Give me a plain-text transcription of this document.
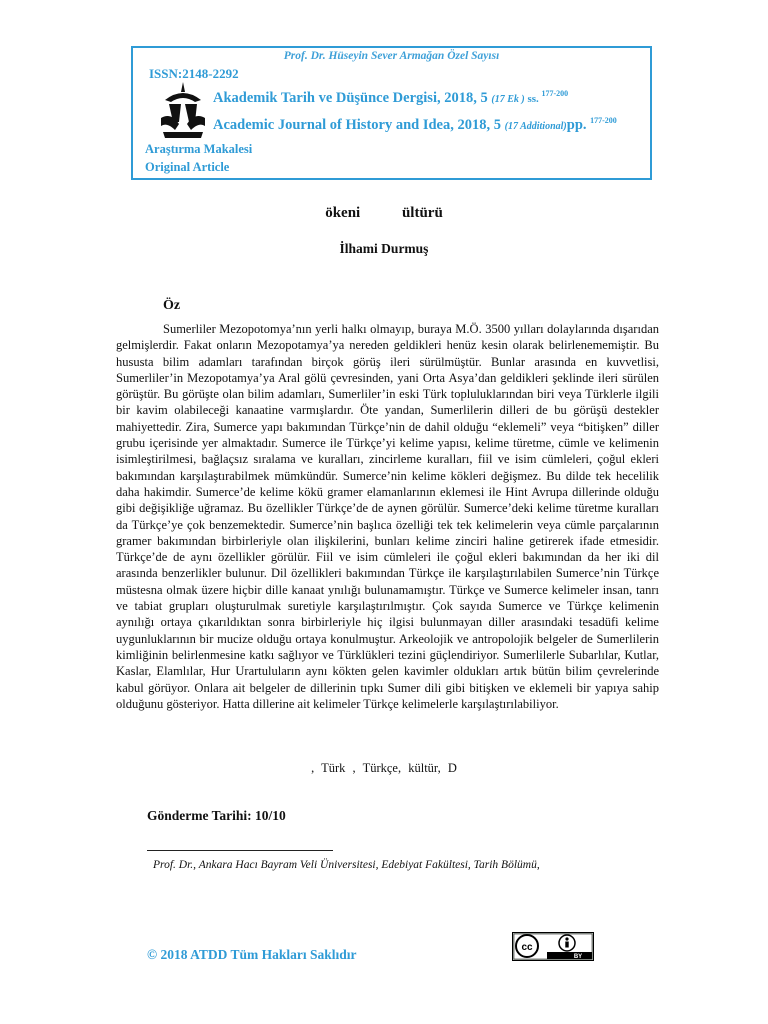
Prof. Dr. Hüseyin Sever Armağan Özel Sayısı
ISSN:2148-2292
Akademik Tarih ve Düşünce Dergisi, 2018, 5 (17 Ek ) ss. $^{177-200}$
Academic Journal of History and Idea, 2018, 5 (17 Additional)pp. $^{177-200}$
Araştırma Makalesi
Original Article
ökeni ültürü
İlhami Durmuş
Öz

Sumerliler Mezopotomya’nın yerli halkı olmayıp, buraya M.Ö. 3500 yılları dolaylarında dışarıdan gelmişlerdir. Fakat onların Mezopotamya’ya nereden geldikleri henüz kesin olarak belirlenememiştir. Bu hususta bilim adamları tarafından birçok görüş ileri sürülmüştür. Bunlar arasında en kuvvetlisi, Sumerliler’in Mezopotamya’ya Aral gölü çevresinden, yani Orta Asya’dan geldikleri şeklinde ileri sürülen görüştür. Bu görüşte olan bilim adamları, Sumerliler’in eski Türk topluluklarından biri veya Türklerle ilgili bir kavim olabileceği kanaatine varmışlardır. Öte yandan, Sumerlilerin dilleri de bu görüşü destekler mahiyettedir. Zira, Sumerce yapı bakımından Türkçe’nin de dahil olduğu “eklemeli” veya “bitişken” diller grubu içerisinde yer almaktadır. Sumerce ile Türkçe’yi kelime yapısı, kelime türetme, cümle ve kelimenin isimleştirilmesi, bağlaçsız sıralama ve kuralları, zincirleme kuralları, fiil ve isim cümleleri, çoğul ekleri bakımından karşılaştırabilmek mümkündür. Sumerce’nin kelime kökleri değişmez. Bu dilde tek hecelilik daha hakimdir. Sumerce’de kelime kökü gramer elamanlarının eklemesi ile Hint Avrupa dillerinde olduğu gibi değişikliğe uğramaz. Bu özellikler Türkçe’de de aynen görülür. Sumerce’deki kelime türetme kuralları da Türkçe’ye çok benzemektedir. Sumerce’nin başlıca özelliği tek tek kelimelerin veya cümle parçalarının gramer bakımından birbirleriyle olan ilişkilerini, bunları kelime zinciri haline getirerek ifade etmesidir. Türkçe’de de aynı özellikler görülür. Fiil ve isim cümleleri ile çoğul ekleri bakımından da her iki dil arasında benzerlikler bulunur. Dil özellikleri bakımından Türkçe ile karşılaştırılabilen Sumerce’nin Türkçe müstesna olmak üzere hiçbir dille kanaat ynılığı bulunamamıştır. Türkçe ve Sumerce kelimeler insan, tanrı ve tabiat grupları oluşturulmak suretiyle karşılaştırılmıştır. Çok sayıda Sumerce ve Türkçe kelimenin aynılığı ortaya çıkarıldıktan sonra birbirleriyle hiç ilgisi bulunmayan diller arasındaki tesadüfi kelime uygunluklarının bir mucize olduğu ortaya konulmuştur. Arkeolojik ve antropolojik belgeler de Sumerlilerin kimliğinin belirlenmesine katkı sağlıyor ve Türklükleri tezini güçlendiriyor. Sumerlilerle Subarlılar, Kutlar, Kaslar, Elamlılar, Hur Urartuluların aynı kökten gelen kavimler oldukları artık bütün bilim çevrelerinde kabul görüyor. Onlara ait belgeler de dillerinin tıpkı Sumer dili gibi bitişken ve eklemeli bir yapıya sahip olduğunu gösteriyor. Hatta dillerine ait kelimeler Türkçe kelimelerle karşılaştırılabiliyor.

, Türk , Türkçe, kültür, D
Gönderme Tarihi: 10/10
Prof. Dr., Ankara Hacı Bayram Veli Üniversitesi, Edebiyat Fakültesi, Tarih Bölümü,
© 2018 ATDD Tüm Hakları Saklıdır	cc
BY
